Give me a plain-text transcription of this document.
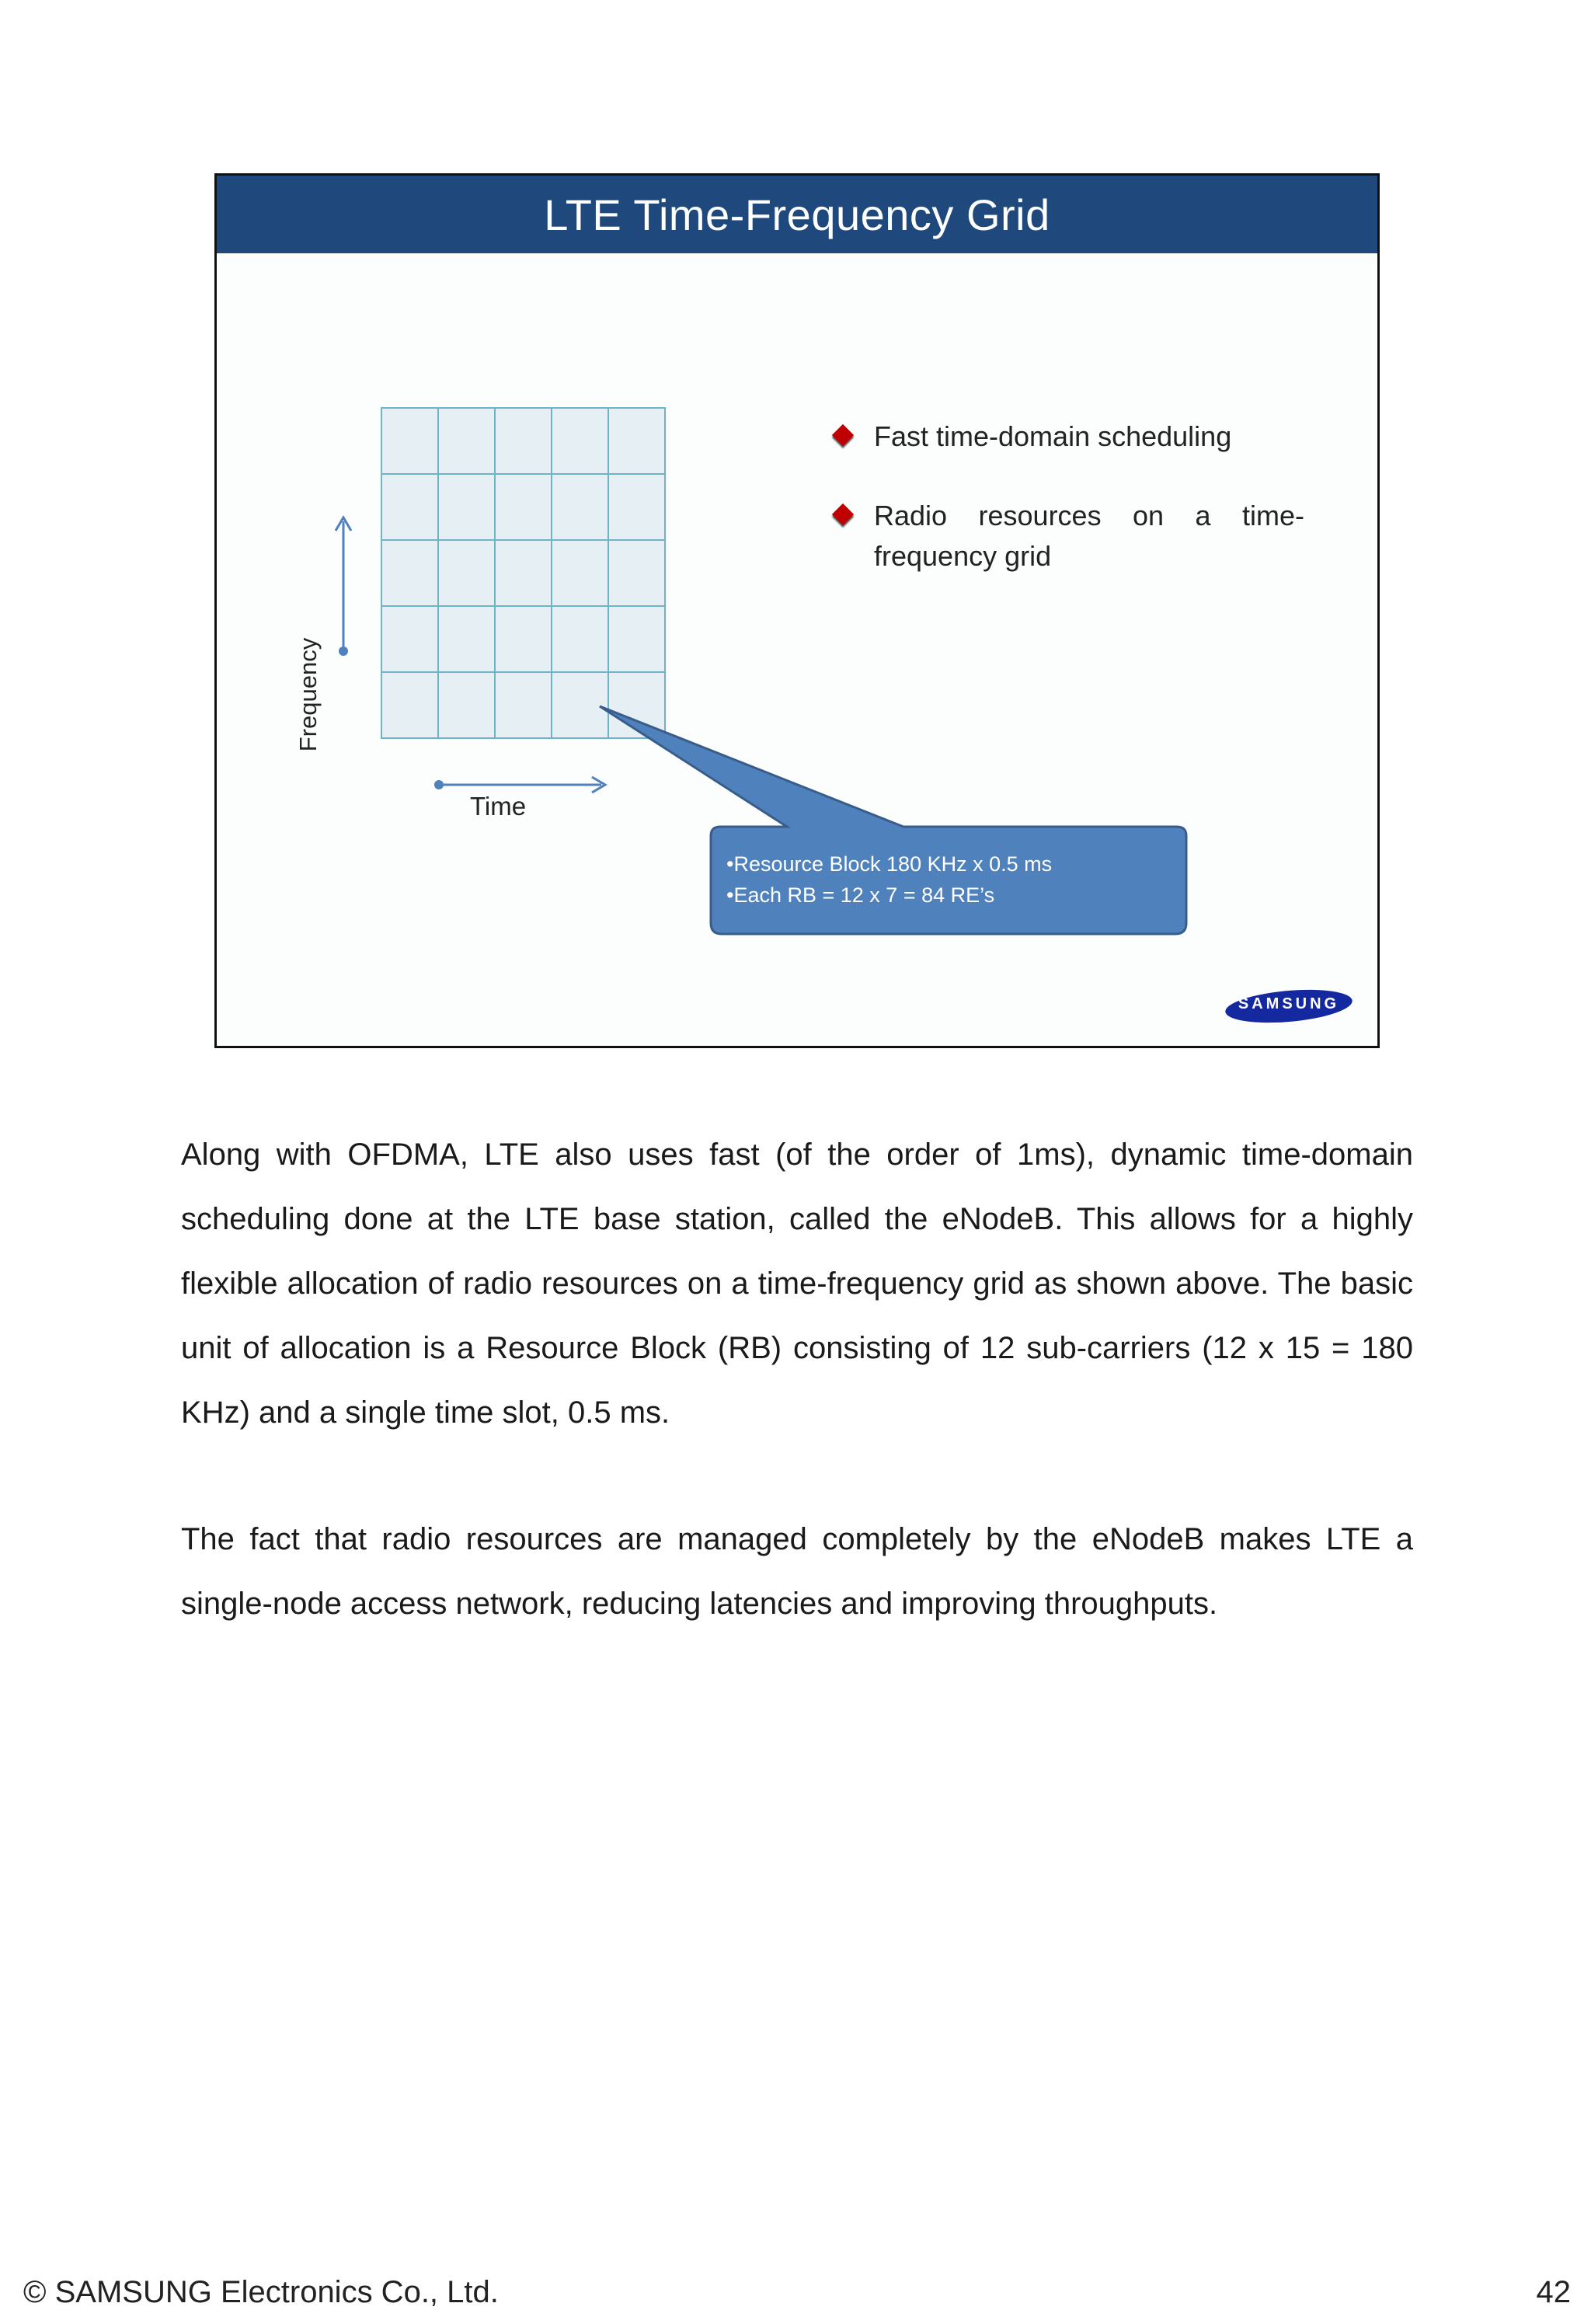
LTE Time-Frequency Grid
•Resource Block 180 KHz x 0.5 ms
•Each RB = 12 x 7 = 84 RE’s
Frequency
Time
Fast time-domain scheduling
Radio resources on a time-frequency grid
SAMSUNG
Along with OFDMA, LTE also uses fast (of the order of 1ms), dynamic time-domain scheduling done at the LTE base station, called the eNodeB. This allows for a highly flexible allocation of radio resources on a time-frequency grid as shown above. The basic unit of allocation is a Resource Block (RB) consisting of 12 sub-carriers (12 x 15 = 180 KHz) and a single time slot, 0.5 ms.
The fact that radio resources are managed completely by the eNodeB makes LTE a single-node access network, reducing latencies and improving throughputs.
© SAMSUNG Electronics Co., Ltd.	42
